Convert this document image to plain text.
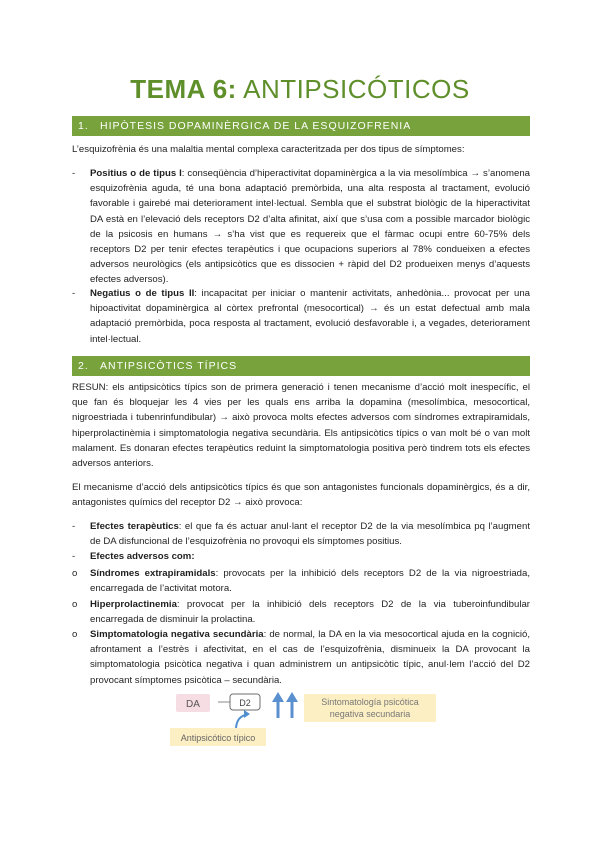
TEMA 6: ANTIPSICÓTICOS
1. HIPÒTESIS DOPAMINÈRGICA DE LA ESQUIZOFRENIA
L’esquizofrènia és una malaltia mental complexa caracteritzada per dos tipus de símptomes:
-	Positius o de tipus I: conseqüència d’hiperactivitat dopaminèrgica a la via mesolímbica → s’anomena esquizofrènia aguda, té una bona adaptació premòrbida, una alta resposta al tractament, evolució favorable i gairebé mai deteriorament intel·lectual. Sembla que el substrat biològic de la hiperactivitat DA està en l’elevació dels receptors D2 d’alta afinitat, així que s’usa com a possible marcador biològic de la psicosis en humans → s’ha vist que es requereix que el fàrmac ocupi entre 60-75% dels receptors D2 per tenir efectes terapèutics i que ocupacions superiors al 78% condueixen a efectes adversos neurològics (els antipsicòtics que es dissocien + ràpid del D2 produeixen menys d’aquests efectes adversos).
-	Negatius o de tipus II: incapacitat per iniciar o mantenir activitats, anhedònia... provocat per una hipoactivitat dopaminèrgica al còrtex prefrontal (mesocortical) → és un estat defectual amb mala adaptació premòrbida, poca resposta al tractament, evolució desfavorable i, a vegades, deteriorament intel·lectual.
2. ANTIPSICÒTICS TÍPICS
RESUN: els antipsicòtics típics son de primera generació i tenen mecanisme d’acció molt inespecífic, el que fan és bloquejar les 4 vies per les quals ens arriba la dopamina (mesolímbica, mesocortical, nigroestriada i tubenrinfundibular) → això provoca molts efectes adversos com síndromes extrapiramidals, hiperprolactinèmia i simptomatologia negativa secundària. Els antipsicòtics típics o van molt bé o van molt malament. Es donaran efectes terapèutics reduint la simptomatologia positiva però tindrem tots els efectes adversos anteriors.
El mecanisme d’acció dels antipsicòtics típics és que son antagonistes funcionals dopaminèrgics, és a dir, antagonistes químics del receptor D2 → això provoca:
-	Efectes terapèutics: el que fa és actuar anul·lant el receptor D2 de la via mesolímbica pq l’augment de DA disfuncional de l’esquizofrènia no provoqui els símptomes positius.
-	Efectes adversos com:
o	Síndromes extrapiramidals: provocats per la inhibició dels receptors D2 de la via nigroestriada, encarregada de l’activitat motora.
o	Hiperprolactinemia: provocat per la inhibició dels receptors D2 de la via tuberoinfundibular encarregada de disminuir la prolactina.
o	Simptomatologia negativa secundària: de normal, la DA en la via mesocortical ajuda en la cognició, afrontament a l’estrès i afectivitat, en el cas de l’esquizofrènia, disminueix la DA provocant la simptomatologia psicòtica negativa i quan administrem un antipsicòtic típic, anul·lem l’acció del D2 provocant símptomes psicòtica – secundària.
DA	D2	Sintomatología psicótica
negativa secundaria
Antipsicótico típico
